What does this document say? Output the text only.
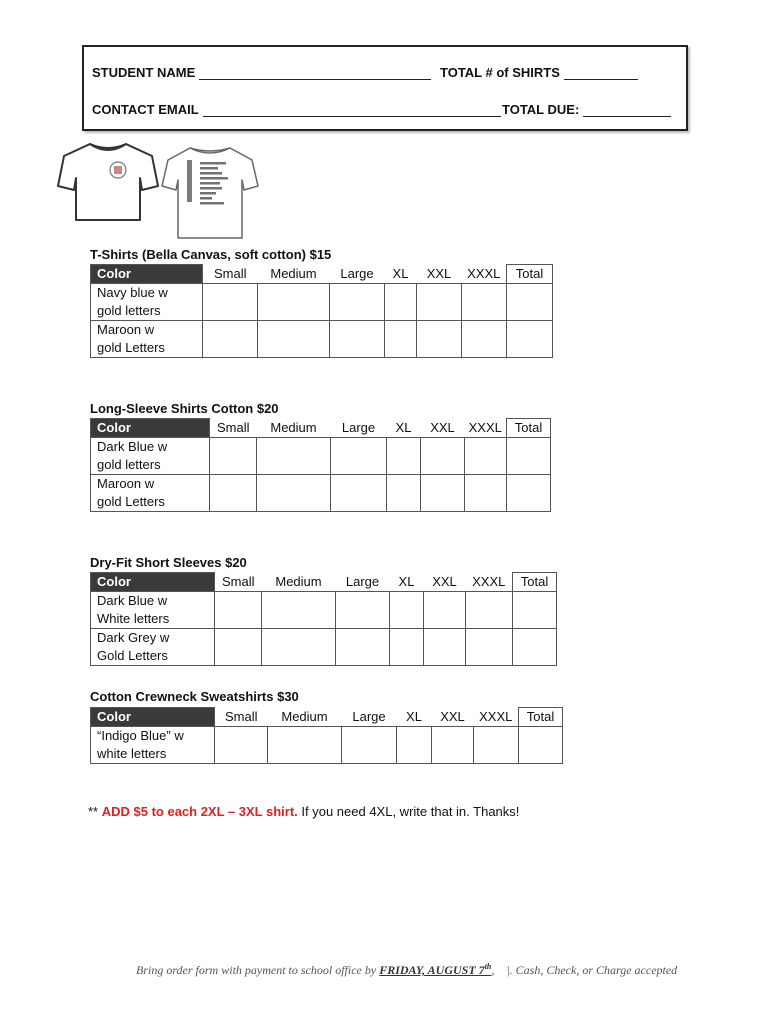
STUDENT NAME	TOTAL # of SHIRTS
CONTACT EMAIL	TOTAL DUE:
T-Shirts (Bella Canvas, soft cotton) $15
Color	Small	Medium	Large	XL	XXL	XXXL	Total
Navy blue w
gold letters							
Maroon w
gold Letters							
Long-Sleeve Shirts Cotton $20
Color	Small	Medium	Large	XL	XXL	XXXL	Total
Dark Blue w
gold letters							
Maroon w
gold Letters							
Dry-Fit Short Sleeves $20
Color	Small	Medium	Large	XL	XXL	XXXL	Total
Dark Blue w
White letters							
Dark Grey w
Gold Letters							
Cotton Crewneck Sweatshirts $30
Color	Small	Medium	Large	XL	XXL	XXXL	Total
“Indigo Blue” w
white letters							
** ADD $5 to each 2XL – 3XL shirt. If you need 4XL, write that in. Thanks!
Bring order form with payment to school office by FRIDAY, AUGUST 7th,    |. Cash, Check, or Charge accepted
